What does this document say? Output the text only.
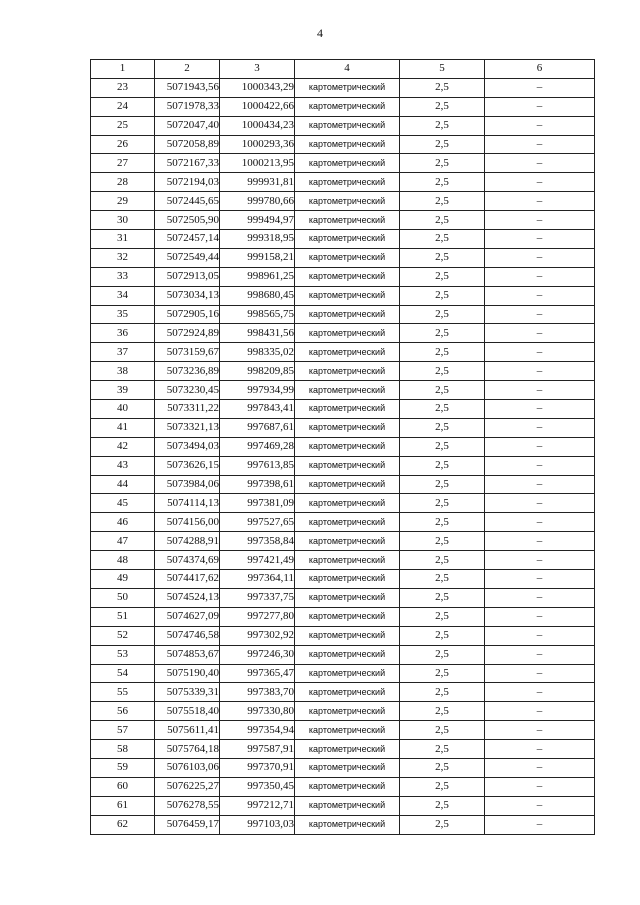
4
1	2	3	4	5	6
23	5071943,56	1000343,29	картометрический	2,5	–
24	5071978,33	1000422,66	картометрический	2,5	–
25	5072047,40	1000434,23	картометрический	2,5	–
26	5072058,89	1000293,36	картометрический	2,5	–
27	5072167,33	1000213,95	картометрический	2,5	–
28	5072194,03	999931,81	картометрический	2,5	–
29	5072445,65	999780,66	картометрический	2,5	–
30	5072505,90	999494,97	картометрический	2,5	–
31	5072457,14	999318,95	картометрический	2,5	–
32	5072549,44	999158,21	картометрический	2,5	–
33	5072913,05	998961,25	картометрический	2,5	–
34	5073034,13	998680,45	картометрический	2,5	–
35	5072905,16	998565,75	картометрический	2,5	–
36	5072924,89	998431,56	картометрический	2,5	–
37	5073159,67	998335,02	картометрический	2,5	–
38	5073236,89	998209,85	картометрический	2,5	–
39	5073230,45	997934,99	картометрический	2,5	–
40	5073311,22	997843,41	картометрический	2,5	–
41	5073321,13	997687,61	картометрический	2,5	–
42	5073494,03	997469,28	картометрический	2,5	–
43	5073626,15	997613,85	картометрический	2,5	–
44	5073984,06	997398,61	картометрический	2,5	–
45	5074114,13	997381,09	картометрический	2,5	–
46	5074156,00	997527,65	картометрический	2,5	–
47	5074288,91	997358,84	картометрический	2,5	–
48	5074374,69	997421,49	картометрический	2,5	–
49	5074417,62	997364,11	картометрический	2,5	–
50	5074524,13	997337,75	картометрический	2,5	–
51	5074627,09	997277,80	картометрический	2,5	–
52	5074746,58	997302,92	картометрический	2,5	–
53	5074853,67	997246,30	картометрический	2,5	–
54	5075190,40	997365,47	картометрический	2,5	–
55	5075339,31	997383,70	картометрический	2,5	–
56	5075518,40	997330,80	картометрический	2,5	–
57	5075611,41	997354,94	картометрический	2,5	–
58	5075764,18	997587,91	картометрический	2,5	–
59	5076103,06	997370,91	картометрический	2,5	–
60	5076225,27	997350,45	картометрический	2,5	–
61	5076278,55	997212,71	картометрический	2,5	–
62	5076459,17	997103,03	картометрический	2,5	–
